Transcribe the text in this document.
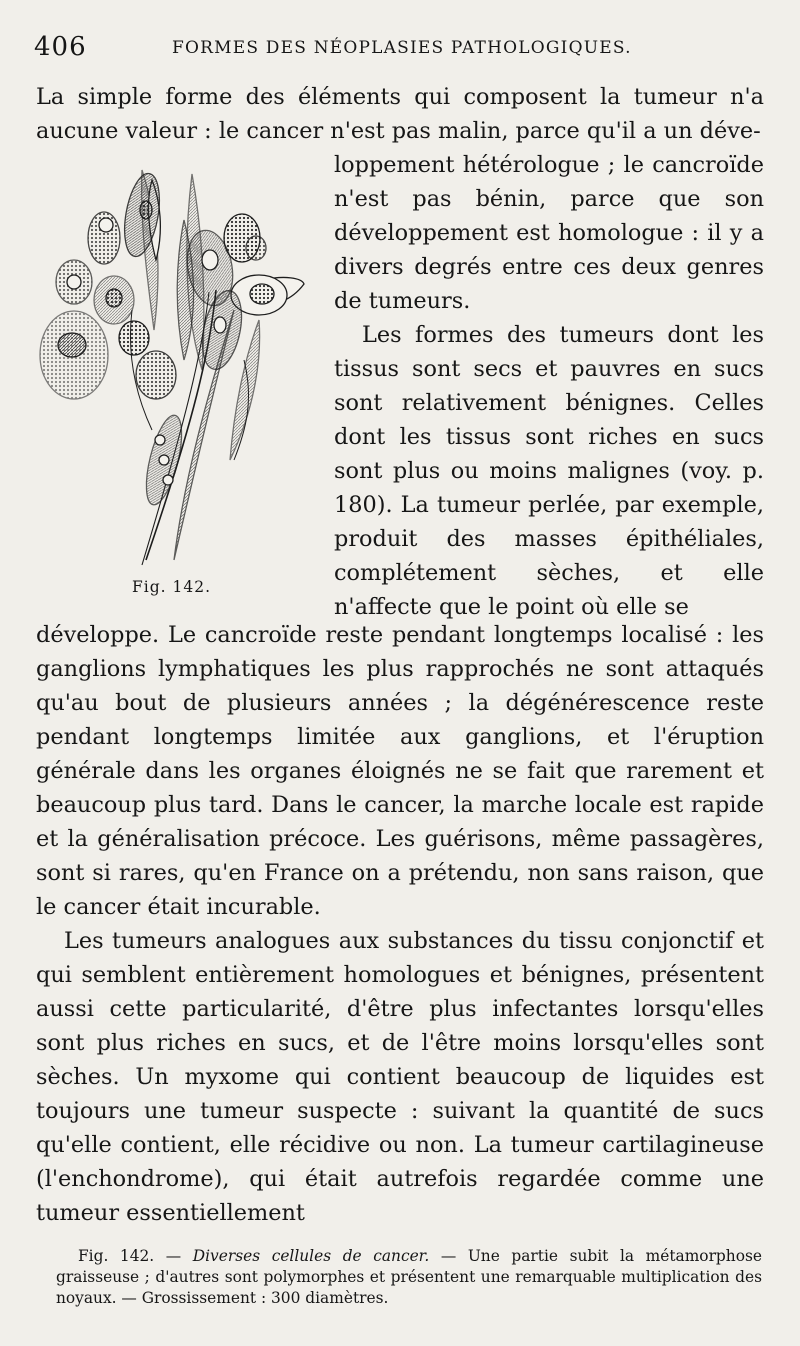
406	FORMES DES NÉOPLASIES PATHOLOGIQUES.
La simple forme des éléments qui composent la tumeur n'a aucune valeur : le cancer n'est pas malin, parce qu'il a un déve-

loppement hétérologue ; le cancroïde n'est pas bénin, parce que son développement est homologue : il y a divers degrés entre ces deux genres de tumeurs.

Les formes des tumeurs dont les tissus sont secs et pauvres en sucs sont relativement bénignes. Celles dont les tissus sont riches en sucs sont plus ou moins malignes (voy. p. 180). La tumeur perlée, par exemple, produit des masses épithéliales, complétement sèches, et elle n'affecte que le point où elle se

Fig. 142.

développe. Le cancroïde reste pendant longtemps localisé : les ganglions lymphatiques les plus rapprochés ne sont attaqués qu'au bout de plusieurs années ; la dégénérescence reste pendant longtemps limitée aux ganglions, et l'éruption générale dans les organes éloignés ne se fait que rarement et beaucoup plus tard. Dans le cancer, la marche locale est rapide et la généralisation précoce. Les guérisons, même passagères, sont si rares, qu'en France on a prétendu, non sans raison, que le cancer était incurable.

Les tumeurs analogues aux substances du tissu conjonctif et qui semblent entièrement homologues et bénignes, présentent aussi cette particularité, d'être plus infectantes lorsqu'elles sont plus riches en sucs, et de l'être moins lorsqu'elles sont sèches. Un myxome qui contient beaucoup de liquides est toujours une tumeur suspecte : suivant la quantité de sucs qu'elle contient, elle récidive ou non. La tumeur cartilagineuse (l'enchondrome), qui était autrefois regardée comme une tumeur essentiellement

Fig. 142. — Diverses cellules de cancer. — Une partie subit la métamorphose graisseuse ; d'autres sont polymorphes et présentent une remarquable multiplication des noyaux. — Grossissement : 300 diamètres.
